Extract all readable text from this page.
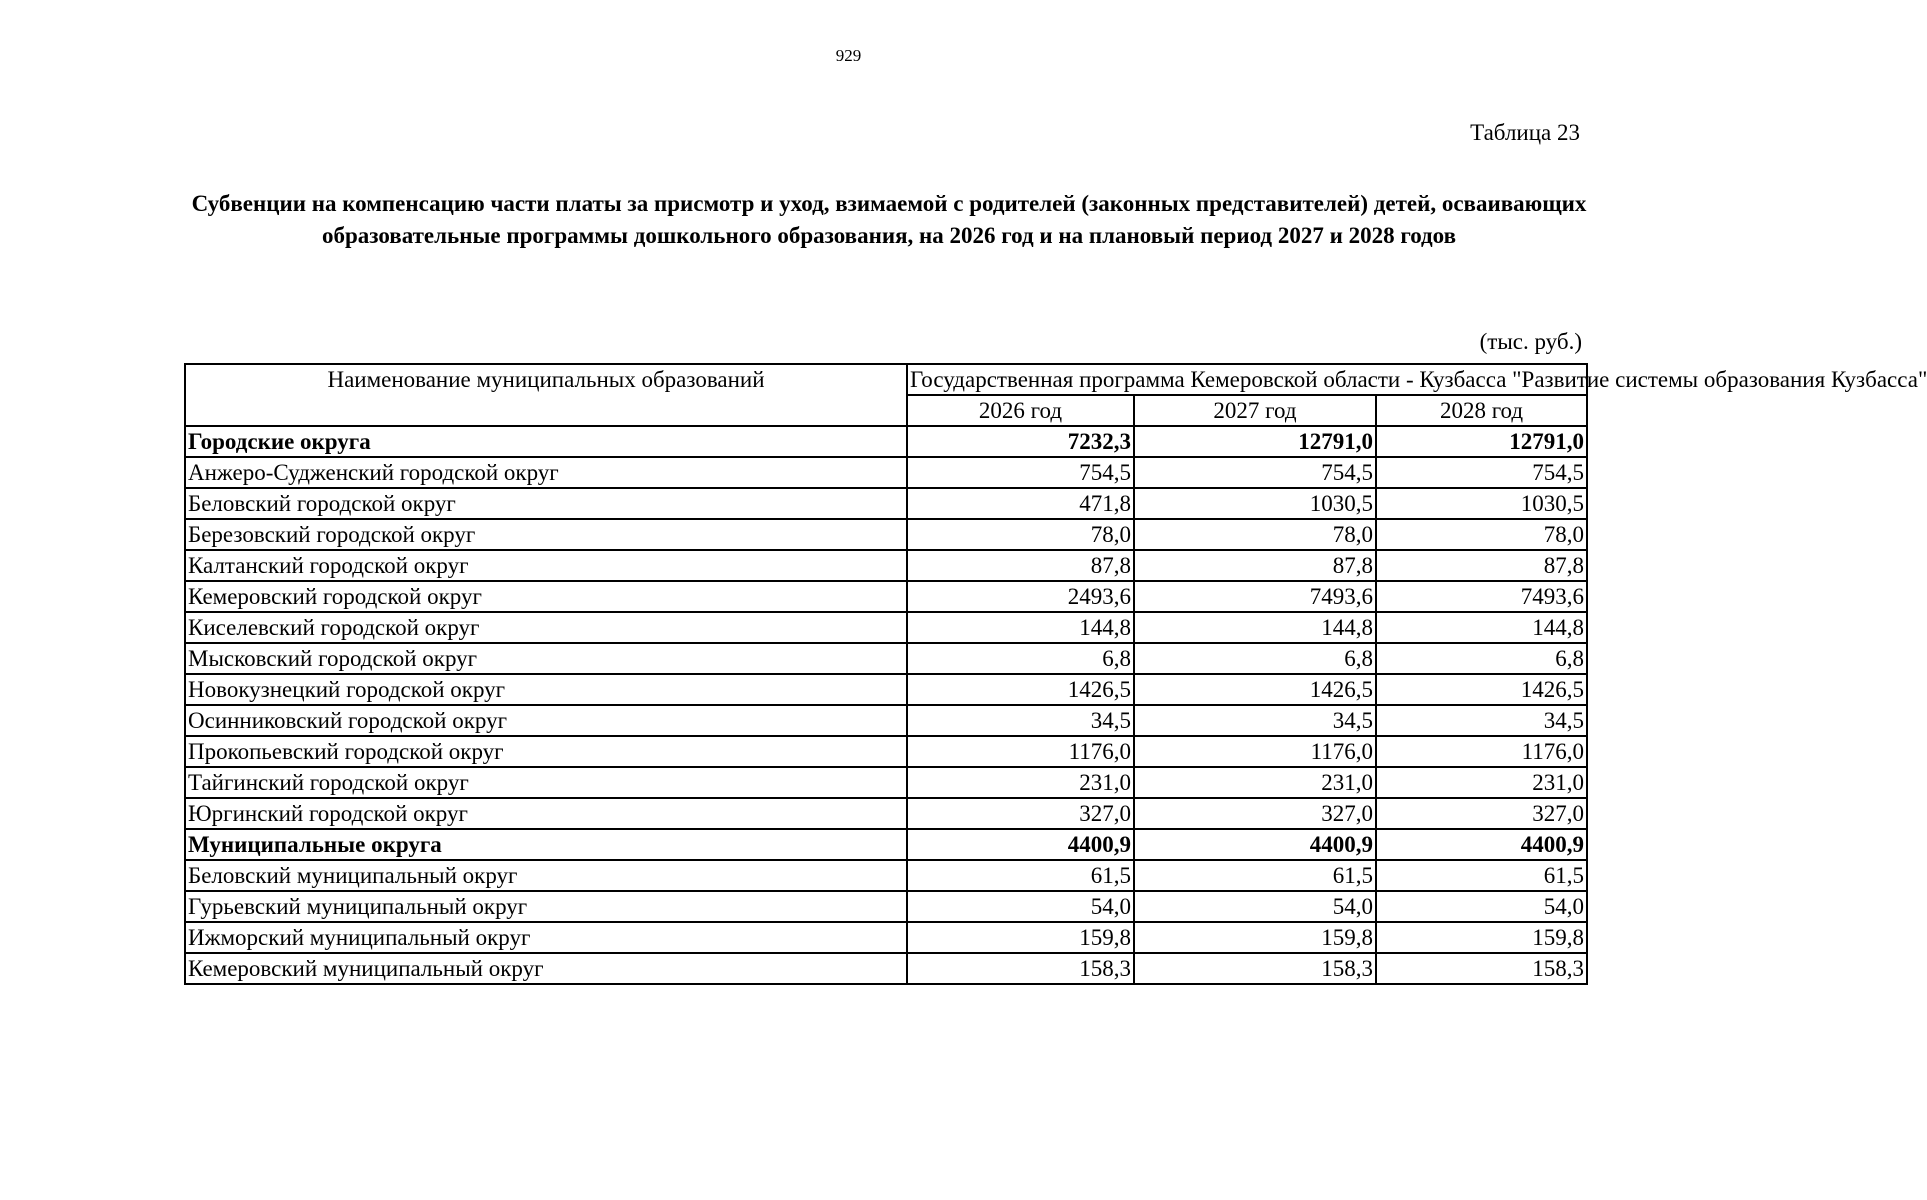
929
Таблица 23
Субвенции на компенсацию части платы за присмотр и уход, взимаемой с родителей (законных представителей) детей, осваивающих образовательные программы дошкольного образования, на 2026 год и на плановый период 2027 и 2028 годов
(тыс. руб.)
Наименование муниципальных образований	Государственная программа Кемеровской области - Кузбасса "Развитие системы образования Кузбасса"		
	2026 год	2027 год	2028 год
Городские округа	7232,3	12791,0	12791,0
Анжеро-Судженский городской округ	754,5	754,5	754,5
Беловский городской округ	471,8	1030,5	1030,5
Березовский городской округ	78,0	78,0	78,0
Калтанский городской округ	87,8	87,8	87,8
Кемеровский городской округ	2493,6	7493,6	7493,6
Киселевский городской округ	144,8	144,8	144,8
Мысковский городской округ	6,8	6,8	6,8
Новокузнецкий городской округ	1426,5	1426,5	1426,5
Осинниковский городской округ	34,5	34,5	34,5
Прокопьевский городской округ	1176,0	1176,0	1176,0
Тайгинский городской округ	231,0	231,0	231,0
Юргинский городской округ	327,0	327,0	327,0
Муниципальные округа	4400,9	4400,9	4400,9
Беловский муниципальный округ	61,5	61,5	61,5
Гурьевский муниципальный округ	54,0	54,0	54,0
Ижморский муниципальный округ	159,8	159,8	159,8
Кемеровский муниципальный округ	158,3	158,3	158,3
